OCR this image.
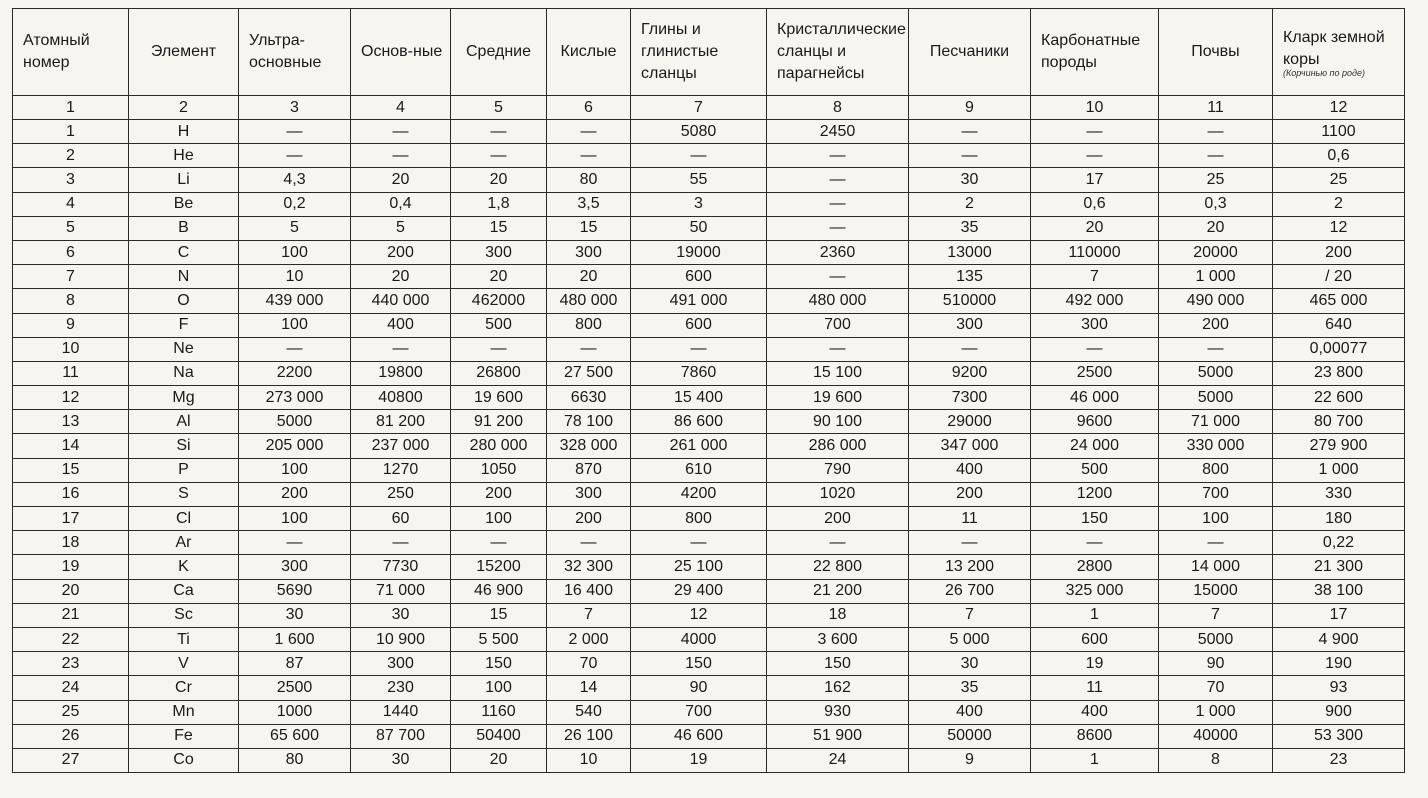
Атомный номер	Элемент	Ультра-основные	Основ-ные	Средние	Кислые	Глины и глинистые сланцы	Кристаллические сланцы и парагнейсы	Песчаники	Карбонатные породы	Почвы	Кларк земной коры
(Корчинью по роде)

1	2	3	4	5	6	7	8	9	10	11	12
1	H	—	—	—	—	5080	2450	—	—	—	1100
2	He	—	—	—	—	—	—	—	—	—	0,6
3	Li	4,3	20	20	80	55	—	30	17	25	25
4	Be	0,2	0,4	1,8	3,5	3	—	2	0,6	0,3	2
5	B	5	5	15	15	50	—	35	20	20	12
6	C	100	200	300	300	19000	2360	13000	110000	20000	200
7	N	10	20	20	20	600	—	135	7	1 000	/ 20
8	O	439 000	440 000	462000	480 000	491 000	480 000	510000	492 000	490 000	465 000
9	F	100	400	500	800	600	700	300	300	200	640
10	Ne	—	—	—	—	—	—	—	—	—	0,00077
11	Na	2200	19800	26800	27 500	7860	15 100	9200	2500	5000	23 800
12	Mg	273 000	40800	19 600	6630	15 400	19 600	7300	46 000	5000	22 600
13	Al	5000	81 200	91 200	78 100	86 600	90 100	29000	9600	71 000	80 700
14	Si	205 000	237 000	280 000	328 000	261 000	286 000	347 000	24 000	330 000	279 900
15	P	100	1270	1050	870	610	790	400	500	800	1 000
16	S	200	250	200	300	4200	1020	200	1200	700	330
17	Cl	100	60	100	200	800	200	11	150	100	180
18	Ar	—	—	—	—	—	—	—	—	—	0,22
19	K	300	7730	15200	32 300	25 100	22 800	13 200	2800	14 000	21 300
20	Ca	5690	71 000	46 900	16 400	29 400	21 200	26 700	325 000	15000	38 100
21	Sc	30	30	15	7	12	18	7	1	7	17
22	Ti	1 600	10 900	5 500	2 000	4000	3 600	5 000	600	5000	4 900
23	V	87	300	150	70	150	150	30	19	90	190
24	Cr	2500	230	100	14	90	162	35	11	70	93
25	Mn	1000	1440	1160	540	700	930	400	400	1 000	900
26	Fe	65 600	87 700	50400	26 100	46 600	51 900	50000	8600	40000	53 300
27	Co	80	30	20	10	19	24	9	1	8	23
